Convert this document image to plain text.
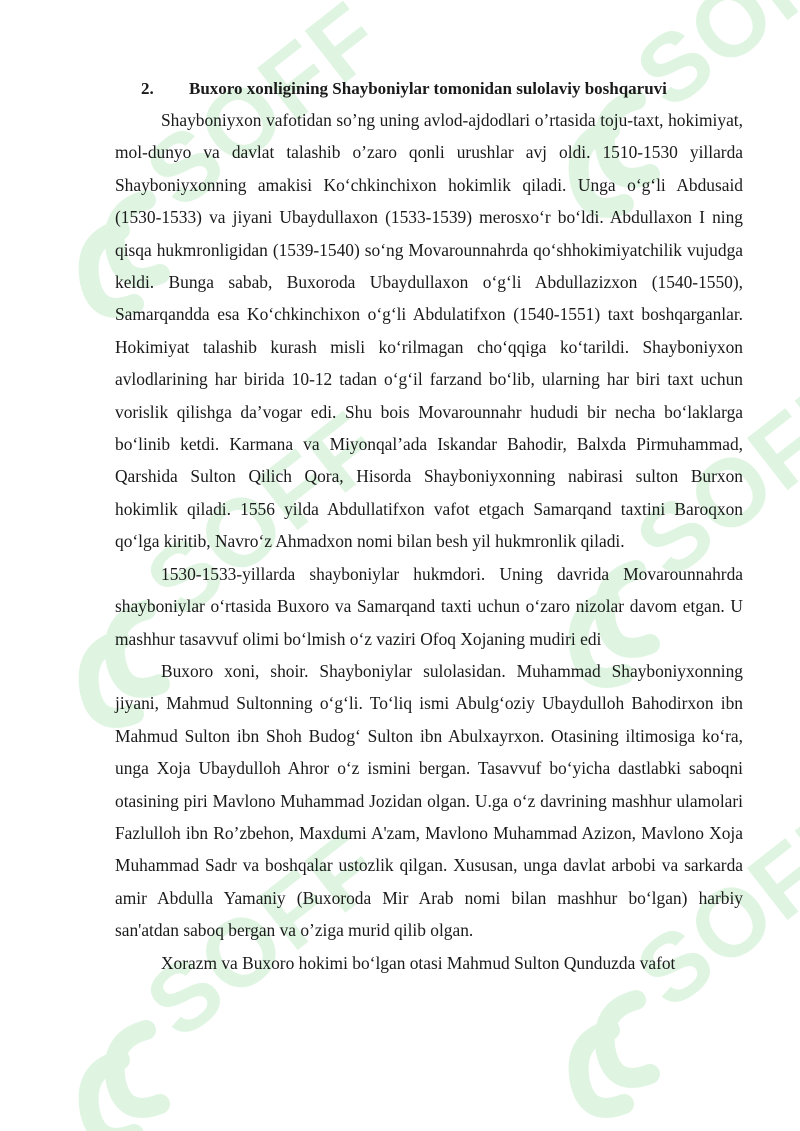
2. Buxoro xonligining Shayboniylar tomonidan sulolaviy boshqaruvi

Shayboniyxon vafotidan so’ng uning avlod-ajdodlari o’rtasida toju-taxt, hokimiyat, mol-dunyo va davlat talashib o’zaro qonli urushlar avj oldi. 1510-1530 yillarda Shayboniyxonning amakisi Ko‘chkinchixon hokimlik qiladi. Unga o‘g‘li Abdusaid (1530-1533) va jiyani Ubaydullaxon (1533-1539) merosxo‘r bo‘ldi. Abdullaxon I ning qisqa hukmronligidan (1539-1540) so‘ng Movarounnahrda qo‘shhokimiyatchilik vujudga keldi. Bunga sabab, Buxoroda Ubaydullaxon o‘g‘li Abdullazizxon (1540-1550), Samarqandda esa Ko‘chkinchixon o‘g‘li Abdulatifxon (1540-1551) taxt boshqarganlar. Hokimiyat talashib kurash misli ko‘rilmagan cho‘qqiga ko‘tarildi. Shayboniyxon avlodlarining har birida 10-12 tadan o‘g‘il farzand bo‘lib, ularning har biri taxt uchun vorislik qilishga da’vogar edi. Shu bois Movarounnahr hududi bir necha bo‘laklarga bo‘linib ketdi. Karmana va Miyonqal’ada Iskandar Bahodir, Balxda Pirmuhammad, Qarshida Sulton Qilich Qora, Hisorda Shayboniyxonning nabirasi sulton Burxon hokimlik qiladi. 1556 yilda Abdullatifxon vafot etgach Samarqand taxtini Baroqxon qo‘lga kiritib, Navro‘z Ahmadxon nomi bilan besh yil hukmronlik qiladi.

1530-1533-yillarda shayboniylar hukmdori. Uning davrida Movarounnahrda shayboniylar o‘rtasida Buxoro va Samarqand taxti uchun o‘zaro nizolar davom etgan. U mashhur tasavvuf olimi bo‘lmish o‘z vaziri Ofoq Xojaning mudiri edi

Buxoro xoni, shoir. Shayboniylar sulolasidan. Muhammad Shayboniyxonning jiyani, Mahmud Sultonning o‘g‘li. To‘liq ismi Abulg‘oziy Ubaydulloh Bahodirxon ibn Mahmud Sulton ibn Shoh Budog‘ Sulton ibn Abulxayrxon. Otasining iltimosiga ko‘ra, unga Xoja Ubaydulloh Ahror o‘z ismini bergan. Tasavvuf bo‘yicha dastlabki saboqni otasining piri Mavlono Muhammad Jozidan olgan. U.ga o‘z davrining mashhur ulamolari Fazlulloh ibn Ro’zbehon, Maxdumi A'zam, Mavlono Muhammad Azizon, Mavlono Xoja Muhammad Sadr va boshqalar ustozlik qilgan. Xususan, unga davlat arbobi va sarkarda amir Abdulla Yamaniy (Buxoroda Mir Arab nomi bilan mashhur bo‘lgan) harbiy san'atdan saboq bergan va o’ziga murid qilib olgan.

Xorazm va Buxoro hokimi bo‘lgan otasi Mahmud Sulton Qunduzda vafot
